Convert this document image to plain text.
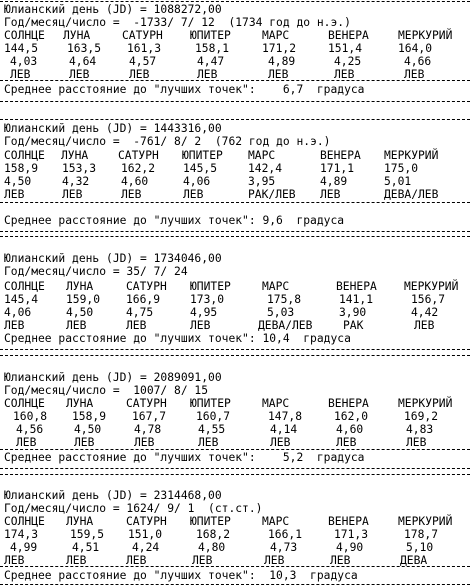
Юлианский день (JD) = 1088272,00
Год/месяц/число =  -1733/ 7/ 12  (1734 год до н.э.)
СОЛНЦЕ ЛУНА	САТУРН ЮПИТЕР	МАРС	ВЕНЕРА	МЕРКУРИЙ
144,5	163,5 161,3	158,1	171,2	151,4	164,0
4,03	4,64	4,57	4,47	4,89	4,25	4,66
ЛЕВ	ЛЕВ	ЛЕВ	ЛЕВ	ЛЕВ	ЛЕВ	ЛЕВ
Среднее расстояние до "лучших точек":    6,7  градуса
Юлианский день (JD) = 1443316,00
Год/месяц/число =  -761/ 8/ 2  (762 год до н.э.)
СОЛНЦЕ ЛУНА	САТУРН ЮПИТЕР МАРС	ВЕНЕРА МЕРКУРИЙ
158,9 153,3 162,2 145,5	142,4	171,1	175,0
4,50	4,32	4,60	4,06	3,95	4,89	5,01
ЛЕВ	ЛЕВ	ЛЕВ	ЛЕВ	РАК/ЛЕВ ЛЕВ	ДЕВА/ЛЕВ
Среднее расстояние до "лучших точек": 9,6  градуса
Юлианский день (JD) = 1734046,00
Год/месяц/число = 35/ 7/ 24
СОЛНЦЕ ЛУНА	САТУРН ЮПИТЕР	МАРС	ВЕНЕРА МЕРКУРИЙ
145,4 159,0 166,9	173,0	175,8	141,1	156,7
4,06	4,50	4,75	4,95	5,03	3,90	4,42
ЛЕВ	ЛЕВ	ЛЕВ	ЛЕВ	ДЕВА/ЛЕВ	РАК	ЛЕВ
Среднее расстояние до "лучших точек": 10,4  градуса
Юлианский день (JD) = 2089091,00
Год/месяц/число =  1007/ 8/ 15
СОЛНЦЕ ЛУНА	САТУРН ЮПИТЕР	МАРС	ВЕНЕРА	МЕРКУРИЙ
160,8 158,9 167,7	160,7	147,8	162,0	169,2
4,56	4,50	4,78	4,55	4,14	4,60	4,83
ЛЕВ	ЛЕВ	ЛЕВ	ЛЕВ	ЛЕВ	ЛЕВ	ЛЕВ
Среднее расстояние до "лучших точек":    5,2  градуса
Юлианский день (JD) = 2314468,00
Год/месяц/число = 1624/ 9/ 1  (ст.ст.)
СОЛНЦЕ ЛУНА	САТУРН ЮПИТЕР	МАРС	ВЕНЕРА	МЕРКУРИЙ
174,3	159,5 151,0	168,2	166,1	171,3	178,7
4,99	4,51	4,24	4,80	4,73	4,90	5,10
ЛЕВ	ЛЕВ	ЛЕВ	ЛЕВ	ЛЕВ	ЛЕВ	ДЕВА
Среднее расстояние до "лучших точек":  10,3  градуса
